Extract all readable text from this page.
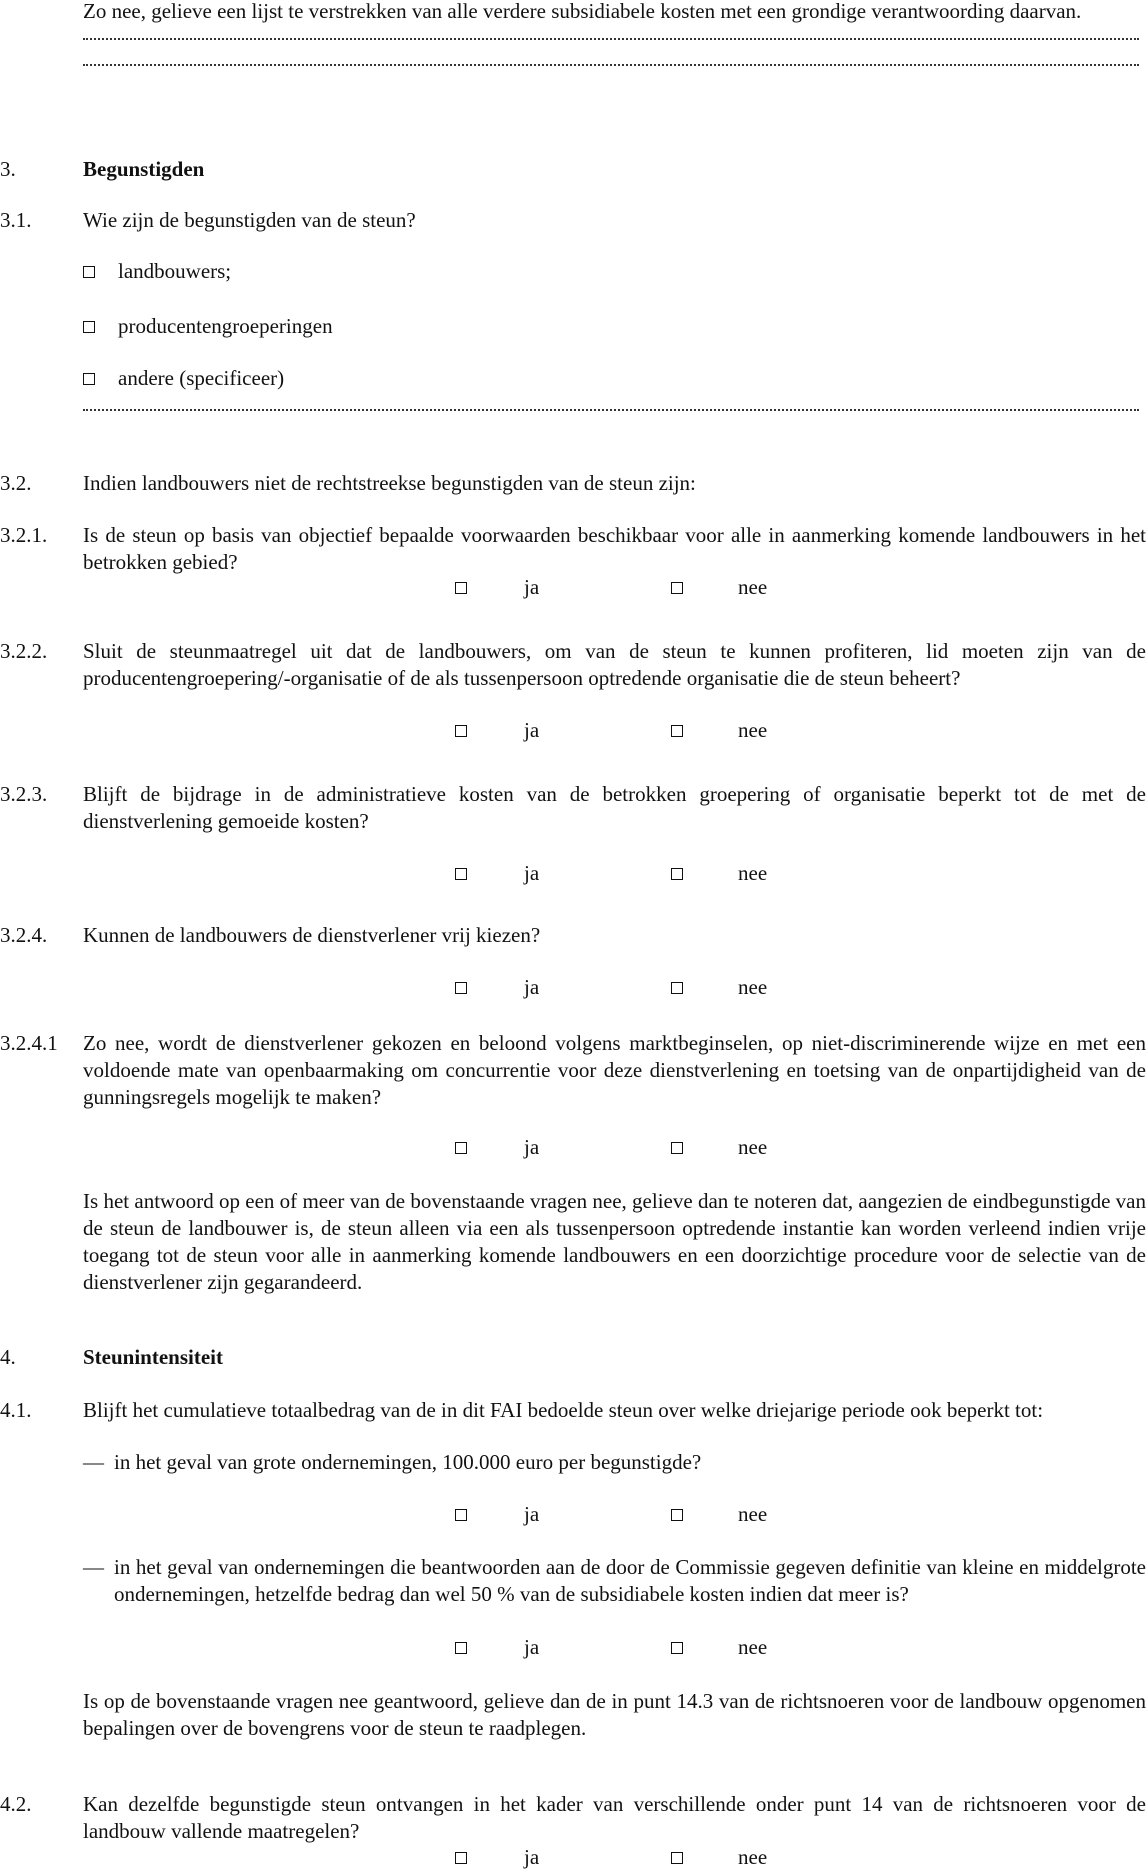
Zo nee, gelieve een lijst te verstrekken van alle verdere subsidiabele kosten met een grondige verantwoording daarvan.
3.	Begunstigden
3.1. Wie zijn de begunstigden van de steun?
landbouwers;
producentengroeperingen
andere (specificeer)
3.2. Indien landbouwers niet de rechtstreekse begunstigden van de steun zijn:
3.2.1. Is de steun op basis van objectief bepaalde voorwaarden beschikbaar voor alle in aanmerking komende landbouwers in het betrokken gebied?
ja	nee
3.2.2. Sluit de steunmaatregel uit dat de landbouwers, om van de steun te kunnen profiteren, lid moeten zijn van de producentengroepering/-organisatie of de als tussenpersoon optredende organisatie die de steun beheert?
ja	nee
3.2.3. Blijft de bijdrage in de administratieve kosten van de betrokken groepering of organisatie beperkt tot de met de dienstverlening gemoeide kosten?
ja	nee
3.2.4. Kunnen de landbouwers de dienstverlener vrij kiezen?
ja	nee
3.2.4.1 Zo nee, wordt de dienstverlener gekozen en beloond volgens marktbeginselen, op niet-discriminerende wijze en met een voldoende mate van openbaarmaking om concurrentie voor deze dienstverlening en toetsing van de onpartijdigheid van de gunningsregels mogelijk te maken?
ja	nee
Is het antwoord op een of meer van de bovenstaande vragen nee, gelieve dan te noteren dat, aangezien de eindbegunstigde van de steun de landbouwer is, de steun alleen via een als tussenpersoon optredende instantie kan worden verleend indien vrije toegang tot de steun voor alle in aanmerking komende landbouwers en een doorzichtige procedure voor de selectie van de dienstverlener zijn gegarandeerd.
4.	Steunintensiteit
4.1. Blijft het cumulatieve totaalbedrag van de in dit FAI bedoelde steun over welke driejarige periode ook beperkt tot:
— in het geval van grote ondernemingen, 100.000 euro per begunstigde?
ja	nee
— in het geval van ondernemingen die beantwoorden aan de door de Commissie gegeven definitie van kleine en middelgrote ondernemingen, hetzelfde bedrag dan wel 50 % van de subsidiabele kosten indien dat meer is?
ja	nee
Is op de bovenstaande vragen nee geantwoord, gelieve dan de in punt 14.3 van de richtsnoeren voor de landbouw opgenomen bepalingen over de bovengrens voor de steun te raadplegen.
4.2. Kan dezelfde begunstigde steun ontvangen in het kader van verschillende onder punt 14 van de richtsnoeren voor de landbouw vallende maatregelen?
ja	nee
